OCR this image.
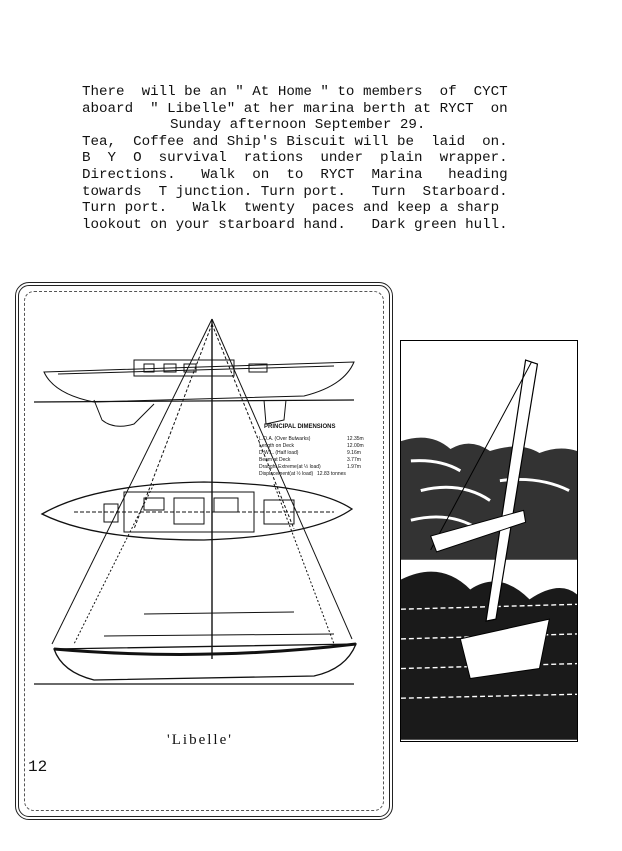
There  will be an " At Home " to members  of  CYCT
aboard  " Libelle" at her marina berth at RYCT  on
Sunday afternoon September 29.
Tea,  Coffee and Ship's Biscuit will be  laid  on.
B  Y  O  survival  rations  under  plain  wrapper.
Directions.   Walk  on  to  RYCT  Marina   heading
towards  T junction. Turn port.   Turn  Starboard.
Turn port.   Walk  twenty  paces and keep a sharp
lookout on your starboard hand.   Dark green hull.
PRINCIPAL DIMENSIONS
L.O.A. (Over Bulwarks)	12.35m
Length on Deck	12.00m
D.W.L. (Half load)	9.16m
Beam at Deck	3.77m
Draught Extreme(at ½ load)	1.97m
Displacement(at ½ load) 12.83 tonnes
'Libelle'
12
